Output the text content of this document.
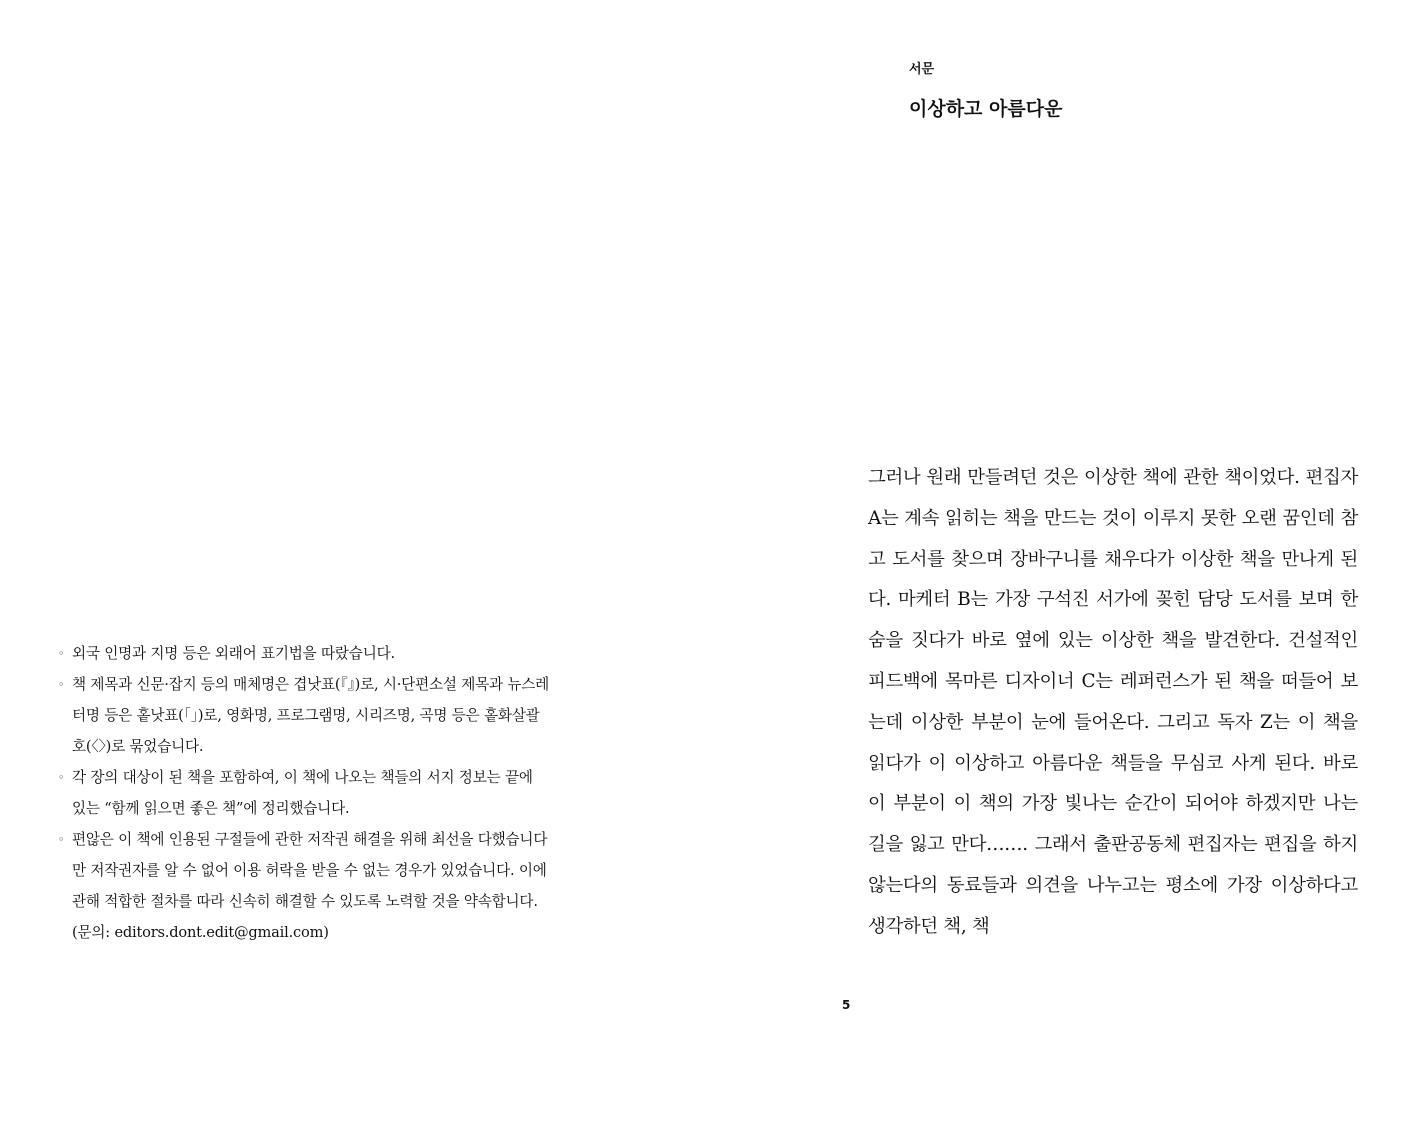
◦ 외국 인명과 지명 등은 외래어 표기법을 따랐습니다.
◦ 책 제목과 신문·잡지 등의 매체명은 겹낫표(『』)로, 시·단편소설 제목과 뉴스레터명 등은 홑낫표(「」)로, 영화명, 프로그램명, 시리즈명, 곡명 등은 홑화살괄호(〈〉)로 묶었습니다.
◦ 각 장의 대상이 된 책을 포함하여, 이 책에 나오는 책들의 서지 정보는 끝에 있는 “함께 읽으면 좋은 책”에 정리했습니다.
◦ 편않은 이 책에 인용된 구절들에 관한 저작권 해결을 위해 최선을 다했습니다만 저작권자를 알 수 없어 이용 허락을 받을 수 없는 경우가 있었습니다. 이에 관해 적합한 절차를 따라 신속히 해결할 수 있도록 노력할 것을 약속합니다. (문의: editors.dont.edit@gmail.com)
서문
이상하고 아름다운

그러나 원래 만들려던 것은 이상한 책에 관한 책이었다. 편집자 A는 계속 읽히는 책을 만드는 것이 이루지 못한 오랜 꿈인데 참고 도서를 찾으며 장바구니를 채우다가 이상한 책을 만나게 된다. 마케터 B는 가장 구석진 서가에 꽂힌 담당 도서를 보며 한숨을 짓다가 바로 옆에 있는 이상한 책을 발견한다. 건설적인 피드백에 목마른 디자이너 C는 레퍼런스가 된 책을 떠들어 보는데 이상한 부분이 눈에 들어온다. 그리고 독자 Z는 이 책을 읽다가 이 이상하고 아름다운 책들을 무심코 사게 된다. 바로 이 부분이 이 책의 가장 빛나는 순간이 되어야 하겠지만 나는 길을 잃고 만다……. 그래서 출판공동체 편집자는 편집을 하지 않는다의 동료들과 의견을 나누고는 평소에 가장 이상하다고 생각하던 책, 책

5
